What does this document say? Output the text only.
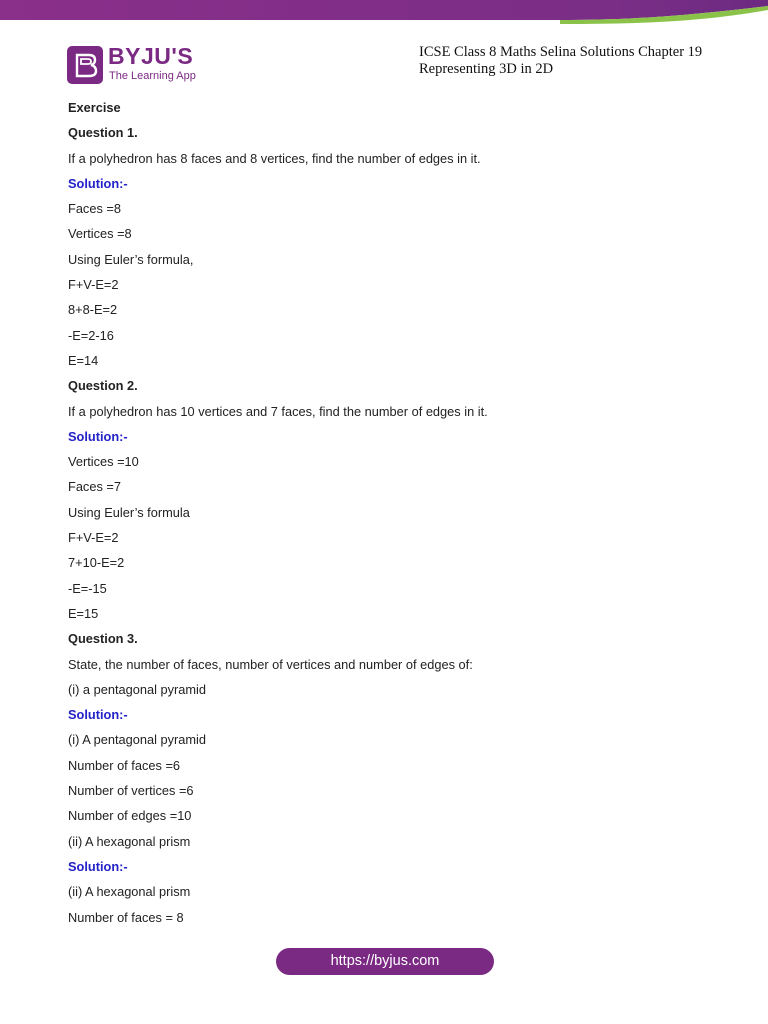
BYJU'S
The Learning App
ICSE Class 8 Maths Selina Solutions Chapter 19
Representing 3D in 2D
Exercise
Question 1.
If a polyhedron has 8 faces and 8 vertices, find the number of edges in it.
Solution:-
Faces =8
Vertices =8
Using Euler’s formula,
F+V-E=2
8+8-E=2
-E=2-16
E=14
Question 2.
If a polyhedron has 10 vertices and 7 faces, find the number of edges in it.
Solution:-
Vertices =10
Faces =7
Using Euler’s formula
F+V-E=2
7+10-E=2
-E=-15
E=15
Question 3.
State, the number of faces, number of vertices and number of edges of:
(i) a pentagonal pyramid
Solution:-
(i) A pentagonal pyramid
Number of faces =6
Number of vertices =6
Number of edges =10
(ii) A hexagonal prism
Solution:-
(ii) A hexagonal prism
Number of faces = 8
https://byjus.com
